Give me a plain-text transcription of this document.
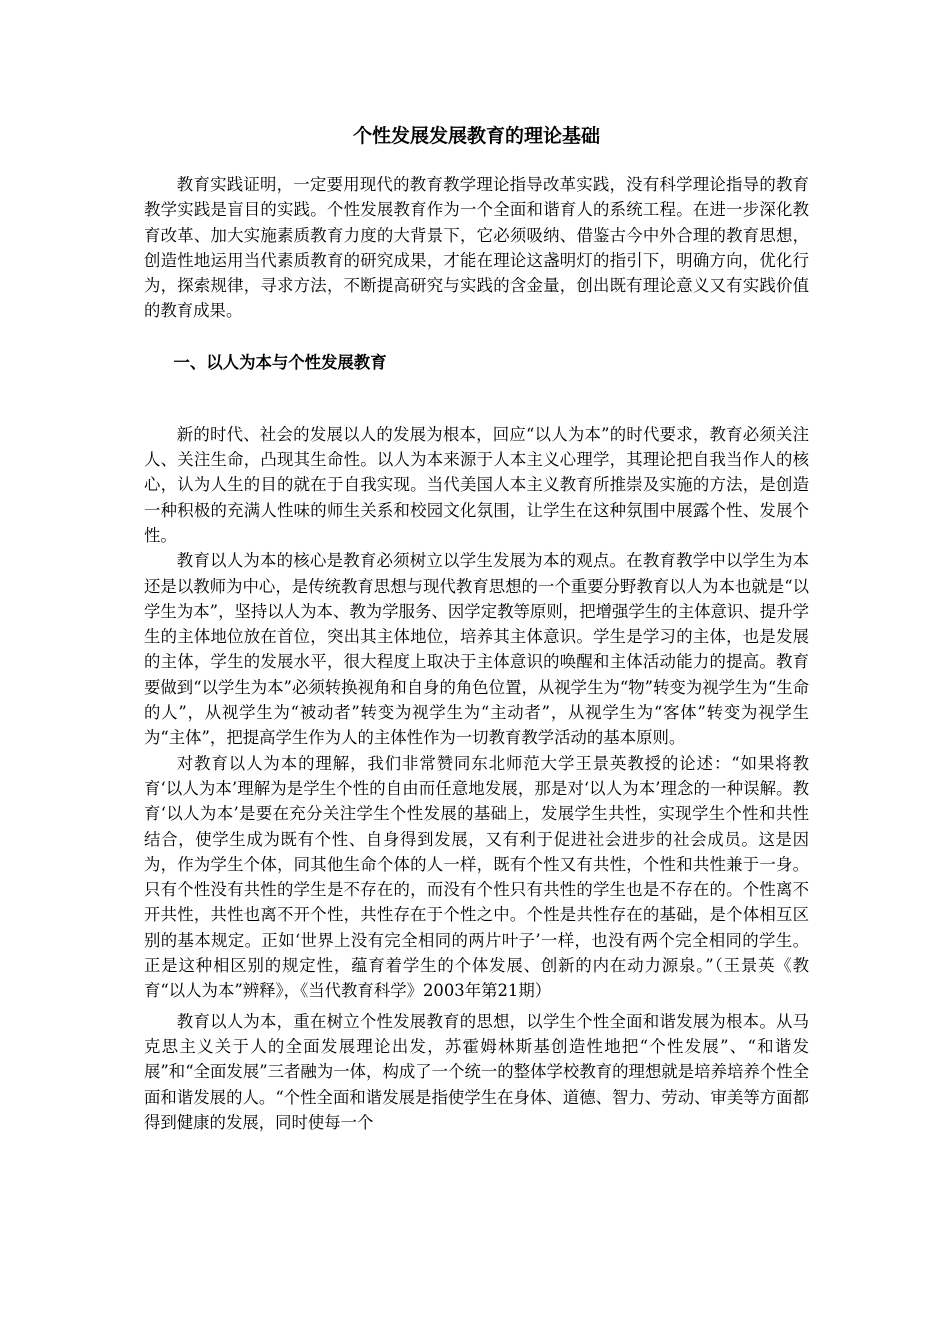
个性发展发展教育的理论基础

教育实践证明，一定要用现代的教育教学理论指导改革实践，没有科学理论指导的教育教学实践是盲目的实践。个性发展教育作为一个全面和谐育人的系统工程。在进一步深化教育改革、加大实施素质教育力度的大背景下，它必须吸纳、借鉴古今中外合理的教育思想，创造性地运用当代素质教育的研究成果，才能在理论这盏明灯的指引下，明确方向，优化行为，探索规律，寻求方法，不断提高研究与实践的含金量，创出既有理论意义又有实践价值的教育成果。

一、以人为本与个性发展教育

新的时代、社会的发展以人的发展为根本，回应“以人为本”的时代要求，教育必须关注人、关注生命，凸现其生命性。以人为本来源于人本主义心理学，其理论把自我当作人的核心，认为人生的目的就在于自我实现。当代美国人本主义教育所推崇及实施的方法，是创造一种积极的充满人性味的师生关系和校园文化氛围，让学生在这种氛围中展露个性、发展个性。

教育以人为本的核心是教育必须树立以学生发展为本的观点。在教育教学中以学生为本还是以教师为中心，是传统教育思想与现代教育思想的一个重要分野教育以人为本也就是“以学生为本”，坚持以人为本、教为学服务、因学定教等原则，把增强学生的主体意识、提升学生的主体地位放在首位，突出其主体地位，培养其主体意识。学生是学习的主体，也是发展的主体，学生的发展水平，很大程度上取决于主体意识的唤醒和主体活动能力的提高。教育要做到“以学生为本”必须转换视角和自身的角色位置，从视学生为“物”转变为视学生为“生命的人”，从视学生为“被动者”转变为视学生为“主动者”，从视学生为“客体”转变为视学生为“主体”，把提高学生作为人的主体性作为一切教育教学活动的基本原则。

对教育以人为本的理解，我们非常赞同东北师范大学王景英教授的论述：“如果将教育‘以人为本’理解为是学生个性的自由而任意地发展，那是对‘以人为本’理念的一种误解。教育‘以人为本’是要在充分关注学生个性发展的基础上，发展学生共性，实现学生个性和共性结合，使学生成为既有个性、自身得到发展，又有利于促进社会进步的社会成员。这是因为，作为学生个体，同其他生命个体的人一样，既有个性又有共性，个性和共性兼于一身。只有个性没有共性的学生是不存在的，而没有个性只有共性的学生也是不存在的。个性离不开共性，共性也离不开个性，共性存在于个性之中。个性是共性存在的基础，是个体相互区别的基本规定。正如‘世界上没有完全相同的两片叶子’一样，也没有两个完全相同的学生。正是这种相区别的规定性，蕴育着学生的个体发展、创新的内在动力源泉。”（王景英《教育“以人为本”辨释》，《当代教育科学》2003年第21期）

教育以人为本，重在树立个性发展教育的思想，以学生个性全面和谐发展为根本。从马克思主义关于人的全面发展理论出发，苏霍姆林斯基创造性地把“个性发展”、“和谐发展”和“全面发展”三者融为一体，构成了一个统一的整体学校教育的理想就是培养培养个性全面和谐发展的人。“个性全面和谐发展是指使学生在身体、道德、智力、劳动、审美等方面都得到健康的发展，同时使每一个
